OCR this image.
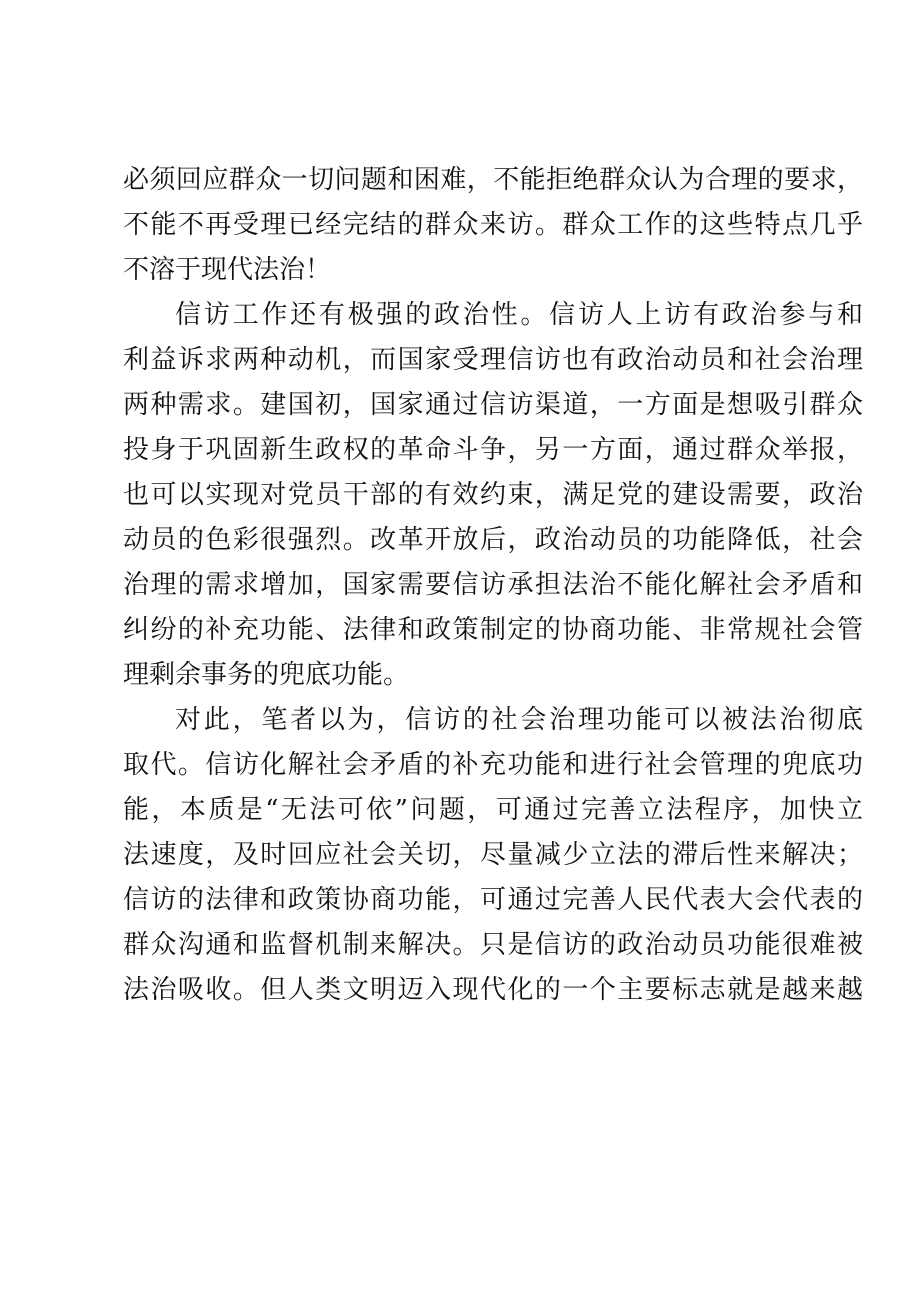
必须回应群众一切问题和困难，不能拒绝群众认为合理的要求，
不能不再受理已经完结的群众来访。群众工作的这些特点几乎
不溶于现代法治！
信访工作还有极强的政治性。信访人上访有政治参与和
利益诉求两种动机，而国家受理信访也有政治动员和社会治理
两种需求。建国初，国家通过信访渠道，一方面是想吸引群众
投身于巩固新生政权的革命斗争，另一方面，通过群众举报，
也可以实现对党员干部的有效约束，满足党的建设需要，政治
动员的色彩很强烈。改革开放后，政治动员的功能降低，社会
治理的需求增加，国家需要信访承担法治不能化解社会矛盾和
纠纷的补充功能、法律和政策制定的协商功能、非常规社会管
理剩余事务的兜底功能。
对此，笔者以为，信访的社会治理功能可以被法治彻底
取代。信访化解社会矛盾的补充功能和进行社会管理的兜底功
能，本质是“无法可依”问题，可通过完善立法程序，加快立
法速度，及时回应社会关切，尽量减少立法的滞后性来解决；
信访的法律和政策协商功能，可通过完善人民代表大会代表的
群众沟通和监督机制来解决。只是信访的政治动员功能很难被
法治吸收。但人类文明迈入现代化的一个主要标志就是越来越
